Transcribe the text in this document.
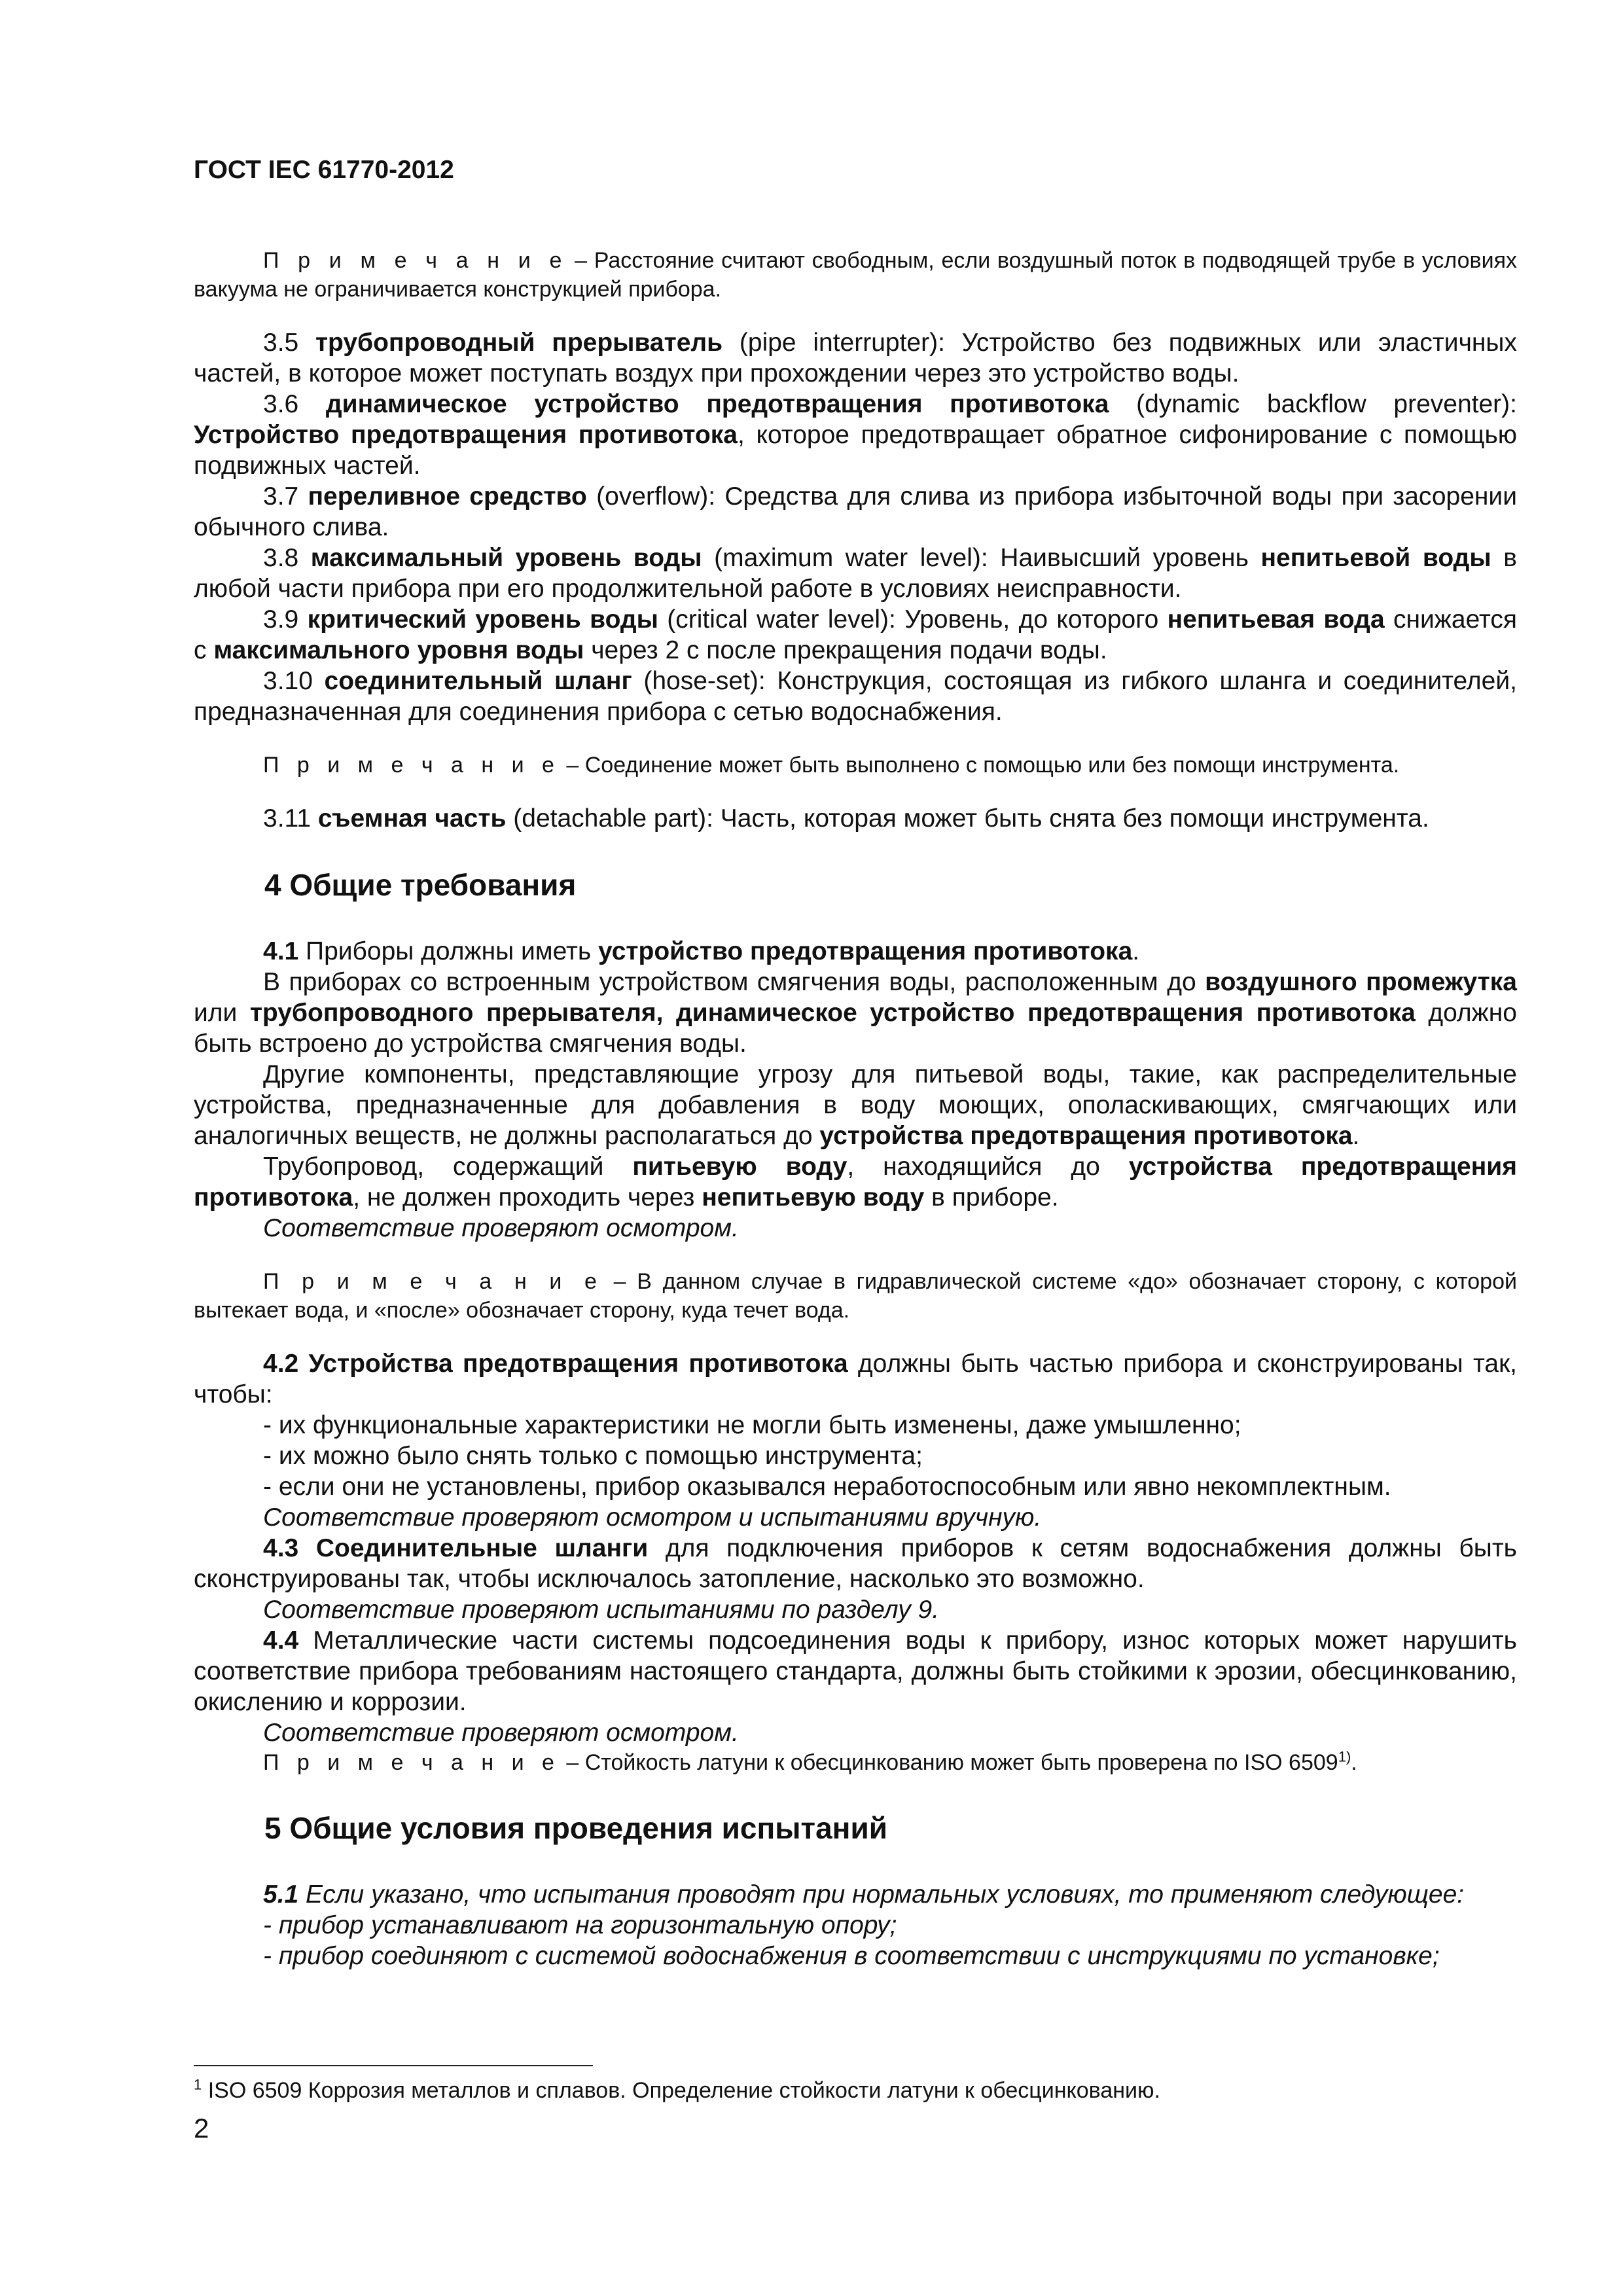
ГОСТ IEC 61770-2012

П р и м е ч а н и е – Расстояние считают свободным, если воздушный поток в подводящей трубе в условиях вакуума не ограничивается конструкцией прибора.

3.5 трубопроводный прерыватель (pipe interrupter): Устройство без подвижных или эластичных частей, в которое может поступать воздух при прохождении через это устройство воды.

3.6 динамическое устройство предотвращения противотока (dynamic backflow preventer): Устройство предотвращения противотока, которое предотвращает обратное сифонирование с помощью подвижных частей.

3.7 переливное средство (overflow): Средства для слива из прибора избыточной воды при засорении обычного слива.

3.8 максимальный уровень воды (maximum water level): Наивысший уровень непитьевой воды в любой части прибора при его продолжительной работе в условиях неисправности.

3.9 критический уровень воды (critical water level): Уровень, до которого непитьевая вода снижается с максимального уровня воды через 2 с после прекращения подачи воды.

3.10 соединительный шланг (hose-set): Конструкция, состоящая из гибкого шланга и соединителей, предназначенная для соединения прибора с сетью водоснабжения.

П р и м е ч а н и е – Соединение может быть выполнено с помощью или без помощи инструмента.

3.11 съемная часть (detachable part): Часть, которая может быть снята без помощи инструмента.

4 Общие требования

4.1 Приборы должны иметь устройство предотвращения противотока.

В приборах со встроенным устройством смягчения воды, расположенным до воздушного промежутка или трубопроводного прерывателя, динамическое устройство предотвращения противотока должно быть встроено до устройства смягчения воды.

Другие компоненты, представляющие угрозу для питьевой воды, такие, как распределительные устройства, предназначенные для добавления в воду моющих, ополаскивающих, смягчающих или аналогичных веществ, не должны располагаться до устройства предотвращения противотока.

Трубопровод, содержащий питьевую воду, находящийся до устройства предотвращения противотока, не должен проходить через непитьевую воду в приборе.

Соответствие проверяют осмотром.

П р и м е ч а н и е – В данном случае в гидравлической системе «до» обозначает сторону, с которой вытекает вода, и «после» обозначает сторону, куда течет вода.

4.2 Устройства предотвращения противотока должны быть частью прибора и сконструированы так, чтобы:

- их функциональные характеристики не могли быть изменены, даже умышленно;

- их можно было снять только с помощью инструмента;

- если они не установлены, прибор оказывался неработоспособным или явно некомплектным.

Соответствие проверяют осмотром и испытаниями вручную.

4.3 Соединительные шланги для подключения приборов к сетям водоснабжения должны быть сконструированы так, чтобы исключалось затопление, насколько это возможно.

Соответствие проверяют испытаниями по разделу 9.

4.4 Металлические части системы подсоединения воды к прибору, износ которых может нарушить соответствие прибора требованиям настоящего стандарта, должны быть стойкими к эрозии, обесцинкованию, окислению и коррозии.

Соответствие проверяют осмотром.

П р и м е ч а н и е – Стойкость латуни к обесцинкованию может быть проверена по ISO 6509$^{1)}$.

5 Общие условия проведения испытаний

5.1 Если указано, что испытания проводят при нормальных условиях, то применяют следующее:

- прибор устанавливают на горизонтальную опору;

- прибор соединяют с системой водоснабжения в соответствии с инструкциями по установке;

$^1$ ISO 6509 Коррозия металлов и сплавов. Определение стойкости латуни к обесцинкованию.
2
